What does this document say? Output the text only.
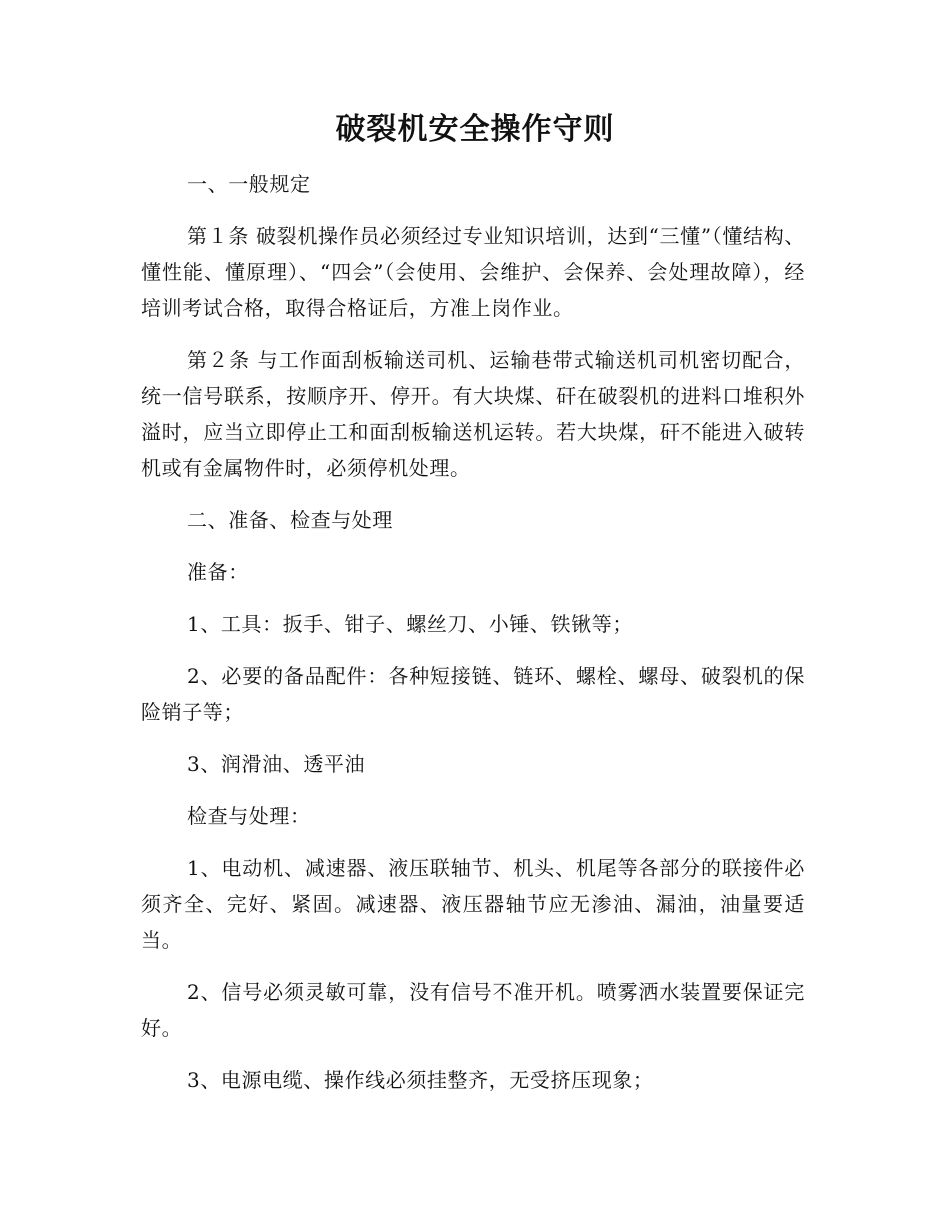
破裂机安全操作守则

一、一般规定

第１条 破裂机操作员必须经过专业知识培训，达到“三懂”（懂结构、懂性能、懂原理）、“四会”（会使用、会维护、会保养、会处理故障），经培训考试合格，取得合格证后，方准上岗作业。

第２条 与工作面刮板输送司机、运输巷带式输送机司机密切配合，统一信号联系，按顺序开、停开。有大块煤、矸在破裂机的进料口堆积外溢时，应当立即停止工和面刮板输送机运转。若大块煤，矸不能进入破转机或有金属物件时，必须停机处理。

二、准备、检查与处理

准备：

1、工具：扳手、钳子、螺丝刀、小锤、铁锹等；

2、必要的备品配件：各种短接链、链环、螺栓、螺母、破裂机的保险销子等；

3、润滑油、透平油

检查与处理：

1、电动机、减速器、液压联轴节、机头、机尾等各部分的联接件必须齐全、完好、紧固。减速器、液压器轴节应无渗油、漏油，油量要适当。

2、信号必须灵敏可靠，没有信号不准开机。喷雾洒水装置要保证完好。

3、电源电缆、操作线必须挂整齐，无受挤压现象；
